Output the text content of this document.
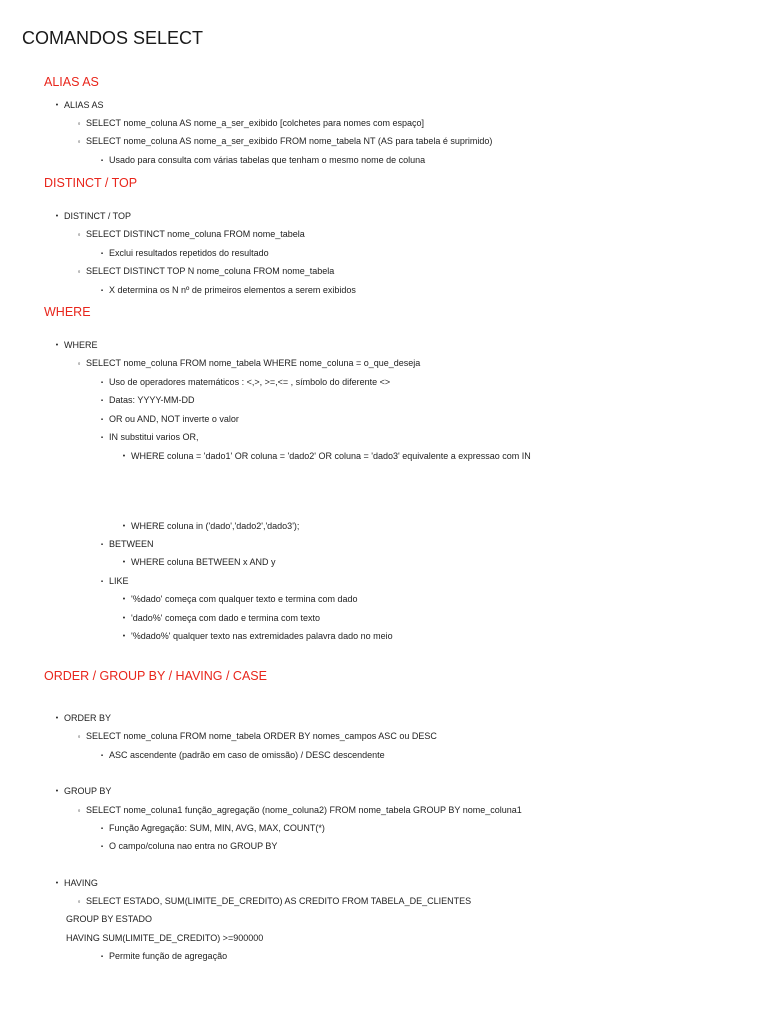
COMANDOS SELECT
ALIAS AS
•ALIAS AS
◦SELECT nome_coluna AS nome_a_ser_exibido [colchetes para nomes com espaço]
◦SELECT nome_coluna AS nome_a_ser_exibido FROM nome_tabela NT (AS para tabela é suprimido)
▪Usado para consulta com várias tabelas que tenham o mesmo nome de coluna
DISTINCT / TOP
•DISTINCT / TOP
◦SELECT DISTINCT nome_coluna FROM nome_tabela
▪Exclui resultados repetidos do resultado
◦SELECT DISTINCT TOP N nome_coluna FROM nome_tabela
▪X determina os N nº de primeiros elementos a serem exibidos
WHERE
•WHERE
◦SELECT nome_coluna FROM nome_tabela WHERE nome_coluna = o_que_deseja
▪Uso de operadores matemáticos : <,>, >=,<= , símbolo do diferente <>
▪Datas: YYYY-MM-DD
▪OR ou AND, NOT inverte o valor
▪IN substitui varios OR,
•WHERE coluna = 'dado1' OR coluna = 'dado2' OR coluna = 'dado3' equivalente a expressao com IN
•WHERE coluna in ('dado','dado2','dado3');
▪BETWEEN
•WHERE coluna BETWEEN x AND y
▪LIKE
•'%dado' começa com qualquer texto e termina com dado
•'dado%' começa com dado e termina com texto
•'%dado%' qualquer texto nas extremidades palavra dado no meio
ORDER / GROUP BY / HAVING / CASE
•ORDER BY
◦SELECT nome_coluna FROM nome_tabela ORDER BY nomes_campos ASC ou DESC
▪ASC ascendente (padrão em caso de omissão) / DESC descendente
•GROUP BY
◦SELECT nome_coluna1 função_agregação (nome_coluna2) FROM nome_tabela GROUP BY nome_coluna1
▪Função Agregação: SUM, MIN, AVG, MAX, COUNT(*)
▪O campo/coluna nao entra no GROUP BY
•HAVING
◦SELECT ESTADO, SUM(LIMITE_DE_CREDITO) AS CREDITO FROM TABELA_DE_CLIENTES
GROUP BY ESTADO
HAVING SUM(LIMITE_DE_CREDITO) >=900000
▪Permite função de agregação
